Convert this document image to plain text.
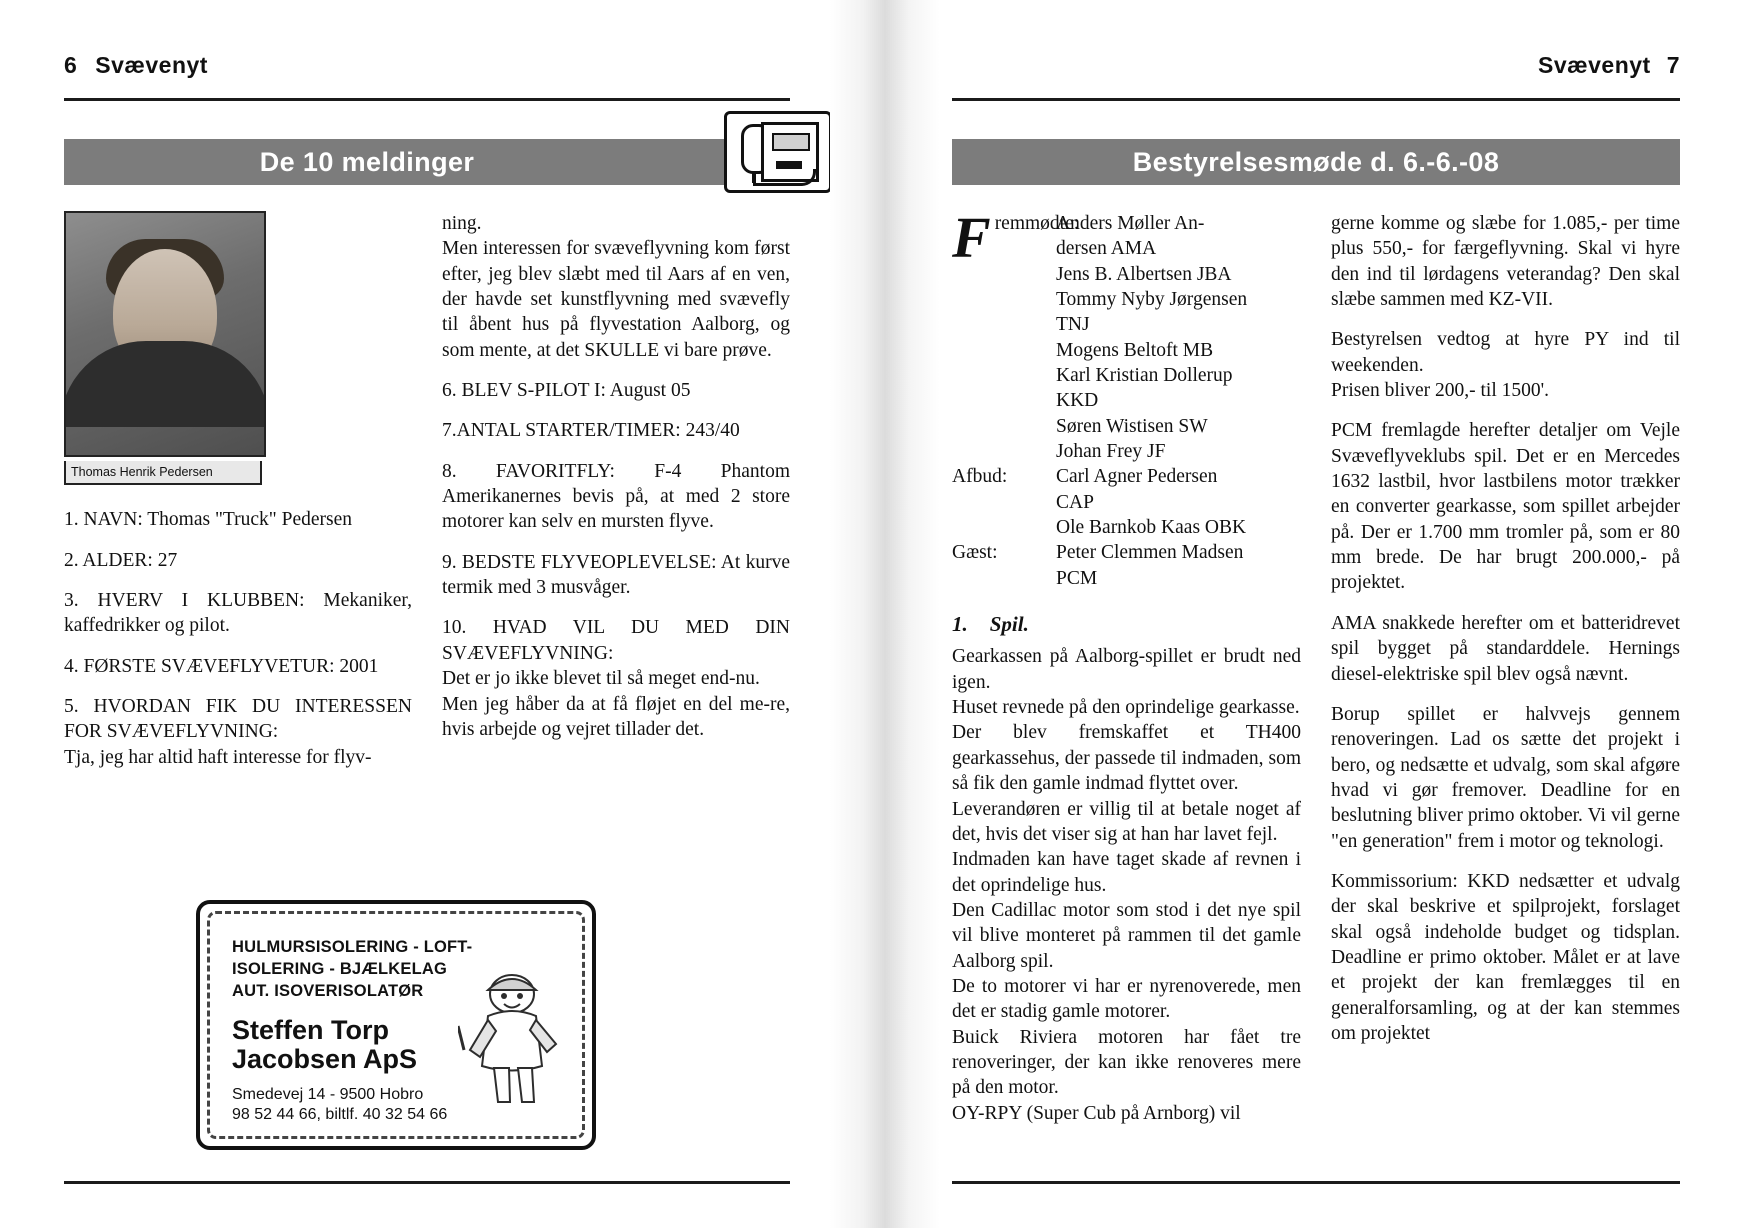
6 Svævenyt
De 10 meldinger
Thomas Henrik Pedersen

1. NAVN: Thomas "Truck" Pedersen

2. ALDER: 27

3. HVERV I KLUBBEN: Mekaniker, kaffedrikker og pilot.

4. FØRSTE SVÆVEFLYVETUR: 2001

5. HVORDAN FIK DU INTERESSEN FOR SVÆVEFLYVNING:

Tja, jeg har altid haft interesse for flyv-

ning.

Men interessen for svæveflyvning kom først efter, jeg blev slæbt med til Aars af en ven, der havde set kunstflyvning med svævefly til åbent hus på flyvestation Aalborg, og som mente, at det SKULLE vi bare prøve.

6. BLEV S-PILOT I: August 05

7.ANTAL STARTER/TIMER: 243/40

8. FAVORITFLY: F-4 Phantom Amerikanernes bevis på, at med 2 store motorer kan selv en mursten flyve.

9. BEDSTE FLYVEOPLEVELSE: At kurve termik med 3 musvåger.

10. HVAD VIL DU MED DIN SVÆVEFLYVNING:

Det er jo ikke blevet til så meget end-nu.

Men jeg håber da at få fløjet en del me-re, hvis arbejde og vejret tillader det.

HULMURSISOLERING - LOFT-
ISOLERING - BJÆLKELAG
AUT. ISOVERISOLATØR
Steffen Torp
Jacobsen ApS
Smedevej 14 - 9500 Hobro
98 52 44 66, biltlf. 40 32 54 66
Svævenyt 7
Bestyrelsesmøde d. 6.-6.-08
Fremmødte:
Anders Møller An-
dersen AMA
Jens B. Albertsen JBA
Tommy Nyby Jørgensen
TNJ
Mogens Beltoft MB
Karl Kristian Dollerup
KKD
Søren Wistisen SW
Johan Frey JF
Afbud:	Carl Agner Pedersen
CAP
Ole Barnkob Kaas OBK
Gæst:	Peter Clemmen Madsen
PCM
1. Spil.

Gearkassen på Aalborg-spillet er brudt ned igen.

Huset revnede på den oprindelige gearkasse.

Der blev fremskaffet et TH400 gearkassehus, der passede til indmaden, som så fik den gamle indmad flyttet over.

Leverandøren er villig til at betale noget af det, hvis det viser sig at han har lavet fejl.

Indmaden kan have taget skade af revnen i det oprindelige hus.

Den Cadillac motor som stod i det nye spil vil blive monteret på rammen til det gamle Aalborg spil.

De to motorer vi har er nyrenoverede, men det er stadig gamle motorer.

Buick Riviera motoren har fået tre renoveringer, der kan ikke renoveres mere på den motor.

OY-RPY (Super Cub på Arnborg) vil

gerne komme og slæbe for 1.085,- per time plus 550,- for færgeflyvning. Skal vi hyre den ind til lørdagens veterandag? Den skal slæbe sammen med KZ-VII.

Bestyrelsen vedtog at hyre PY ind til weekenden.

Prisen bliver 200,- til 1500'.

PCM fremlagde herefter detaljer om Vejle Svæveflyveklubs spil. Det er en Mercedes 1632 lastbil, hvor lastbilens motor trækker en converter gearkasse, som spillet arbejder på. Der er 1.700 mm tromler på, som er 80 mm brede. De har brugt 200.000,- på projektet.

AMA snakkede herefter om et batteridrevet spil bygget på standarddele. Hernings diesel-elektriske spil blev også nævnt.

Borup spillet er halvvejs gennem renoveringen. Lad os sætte det projekt i bero, og nedsætte et udvalg, som skal afgøre hvad vi gør fremover. Deadline for en beslutning bliver primo oktober. Vi vil gerne "en generation" frem i motor og teknologi.

Kommissorium: KKD nedsætter et udvalg der skal beskrive et spilprojekt, forslaget skal også indeholde budget og tidsplan. Deadline er primo oktober. Målet er at lave et projekt der kan fremlægges til en generalforsamling, og at der kan stemmes om projektet
